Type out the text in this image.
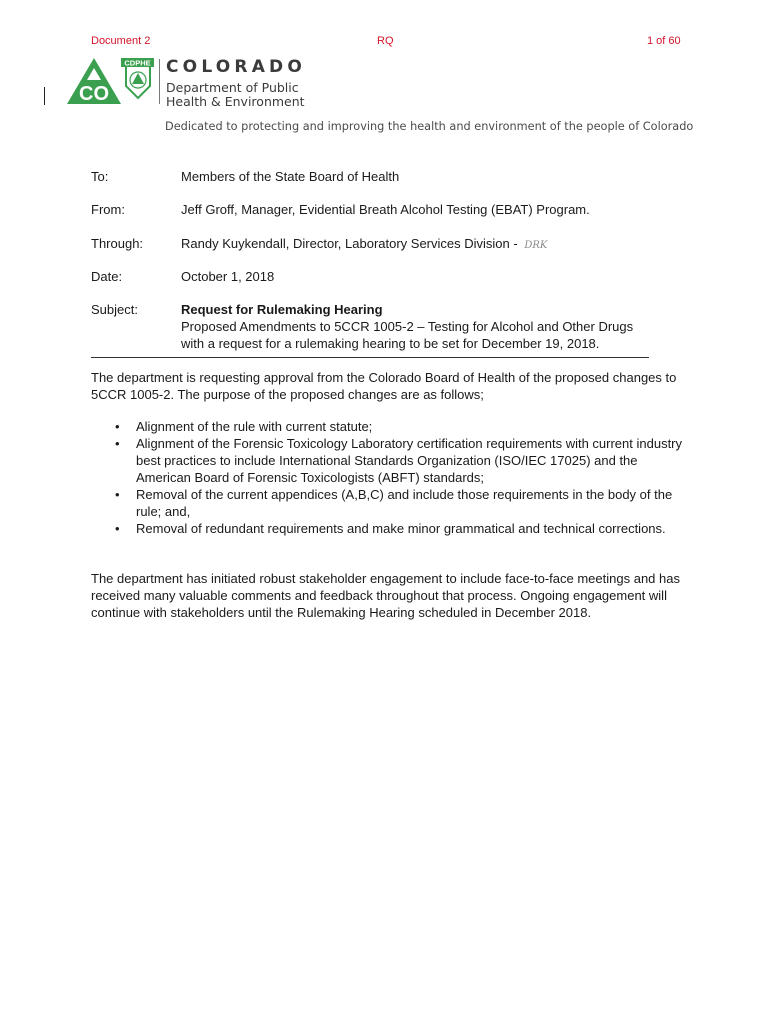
Document 2	RQ	1 of 60
CDPHE
CO
COLORADO
Department of Public
Health & Environment
Dedicated to protecting and improving the health and environment of the people of Colorado
To:	Members of the State Board of Health
From:	Jeff Groff, Manager, Evidential Breath Alcohol Testing (EBAT) Program.
Through:	Randy Kuykendall, Director, Laboratory Services Division - DRK
Date:	October 1, 2018
Subject:	Request for Rulemaking Hearing
Proposed Amendments to 5CCR 1005-2 – Testing for Alcohol and Other Drugs
with a request for a rulemaking hearing to be set for December 19, 2018.
The department is requesting approval from the Colorado Board of Health of the proposed changes to 5CCR 1005-2. The purpose of the proposed changes are as follows;
• Alignment of the rule with current statute;
• Alignment of the Forensic Toxicology Laboratory certification requirements with current industry best practices to include International Standards Organization (ISO/IEC 17025) and the American Board of Forensic Toxicologists (ABFT) standards;
• Removal of the current appendices (A,B,C) and include those requirements in the body of the rule; and,
• Removal of redundant requirements and make minor grammatical and technical corrections.
The department has initiated robust stakeholder engagement to include face-to-face meetings and has received many valuable comments and feedback throughout that process. Ongoing engagement will continue with stakeholders until the Rulemaking Hearing scheduled in December 2018.
